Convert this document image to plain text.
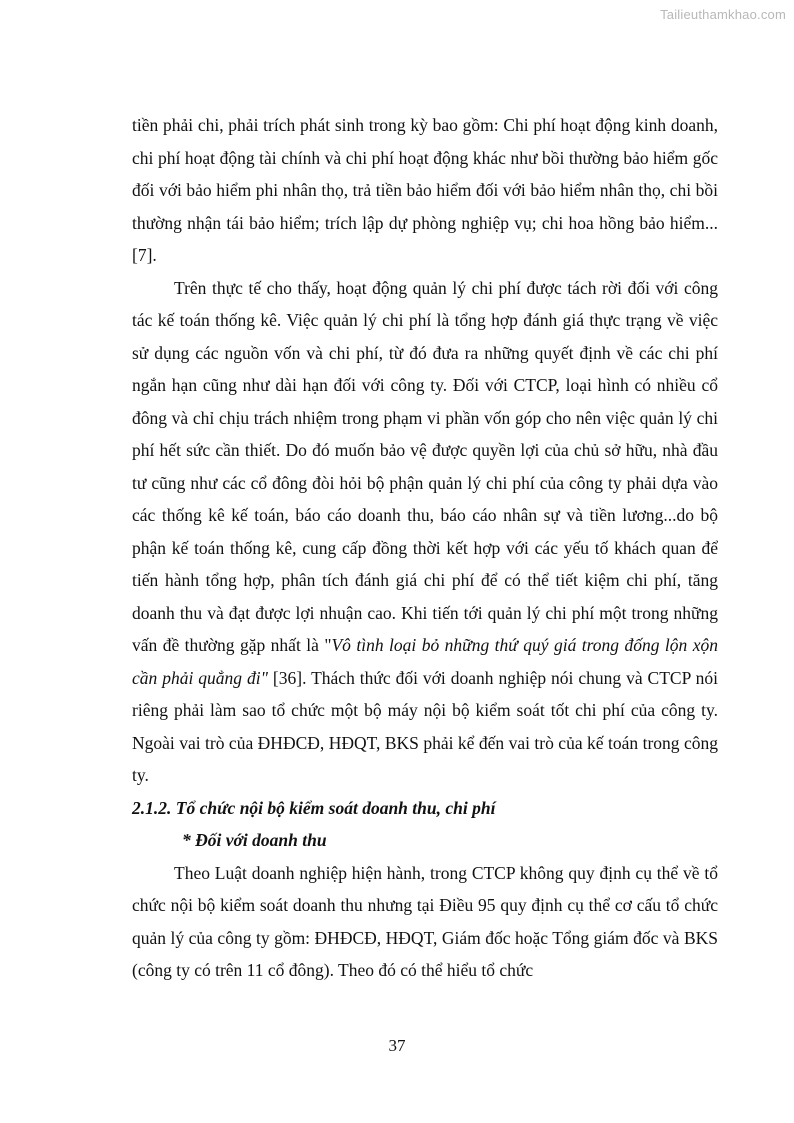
Tailieuthamkhao.com

tiền phải chi, phải trích phát sinh trong kỳ bao gồm: Chi phí hoạt động kinh doanh, chi phí hoạt động tài chính và chi phí hoạt động khác như bồi thường bảo hiểm gốc đối với bảo hiểm phi nhân thọ, trả tiền bảo hiểm đối với bảo hiểm nhân thọ, chi bồi thường nhận tái bảo hiểm; trích lập dự phòng nghiệp vụ; chi hoa hồng bảo hiểm...[7].

Trên thực tế cho thấy, hoạt động quản lý chi phí được tách rời đối với công tác kế toán thống kê. Việc quản lý chi phí là tổng hợp đánh giá thực trạng về việc sử dụng các nguồn vốn và chi phí, từ đó đưa ra những quyết định về các chi phí ngắn hạn cũng như dài hạn đối với công ty. Đối với CTCP, loại hình có nhiều cổ đông và chỉ chịu trách nhiệm trong phạm vi phần vốn góp cho nên việc quản lý chi phí hết sức cần thiết. Do đó muốn bảo vệ được quyền lợi của chủ sở hữu, nhà đầu tư cũng như các cổ đông đòi hỏi bộ phận quản lý chi phí của công ty phải dựa vào các thống kê kế toán, báo cáo doanh thu, báo cáo nhân sự và tiền lương...do bộ phận kế toán thống kê, cung cấp đồng thời kết hợp với các yếu tố khách quan để tiến hành tổng hợp, phân tích đánh giá chi phí để có thể tiết kiệm chi phí, tăng doanh thu và đạt được lợi nhuận cao. Khi tiến tới quản lý chi phí một trong những vấn đề thường gặp nhất là "Vô tình loại bỏ những thứ quý giá trong đống lộn xộn cần phải quẳng đi" [36]. Thách thức đối với doanh nghiệp nói chung và CTCP nói riêng phải làm sao tổ chức một bộ máy nội bộ kiểm soát tốt chi phí của công ty. Ngoài vai trò của ĐHĐCĐ, HĐQT, BKS phải kể đến vai trò của kế toán trong công ty.

2.1.2. Tổ chức nội bộ kiểm soát doanh thu, chi phí

* Đối với doanh thu

Theo Luật doanh nghiệp hiện hành, trong CTCP không quy định cụ thể về tổ chức nội bộ kiểm soát doanh thu nhưng tại Điều 95 quy định cụ thể cơ cấu tổ chức quản lý của công ty gồm: ĐHĐCĐ, HĐQT, Giám đốc hoặc Tổng giám đốc và BKS (công ty có trên 11 cổ đông). Theo đó có thể hiểu tổ chức

37
